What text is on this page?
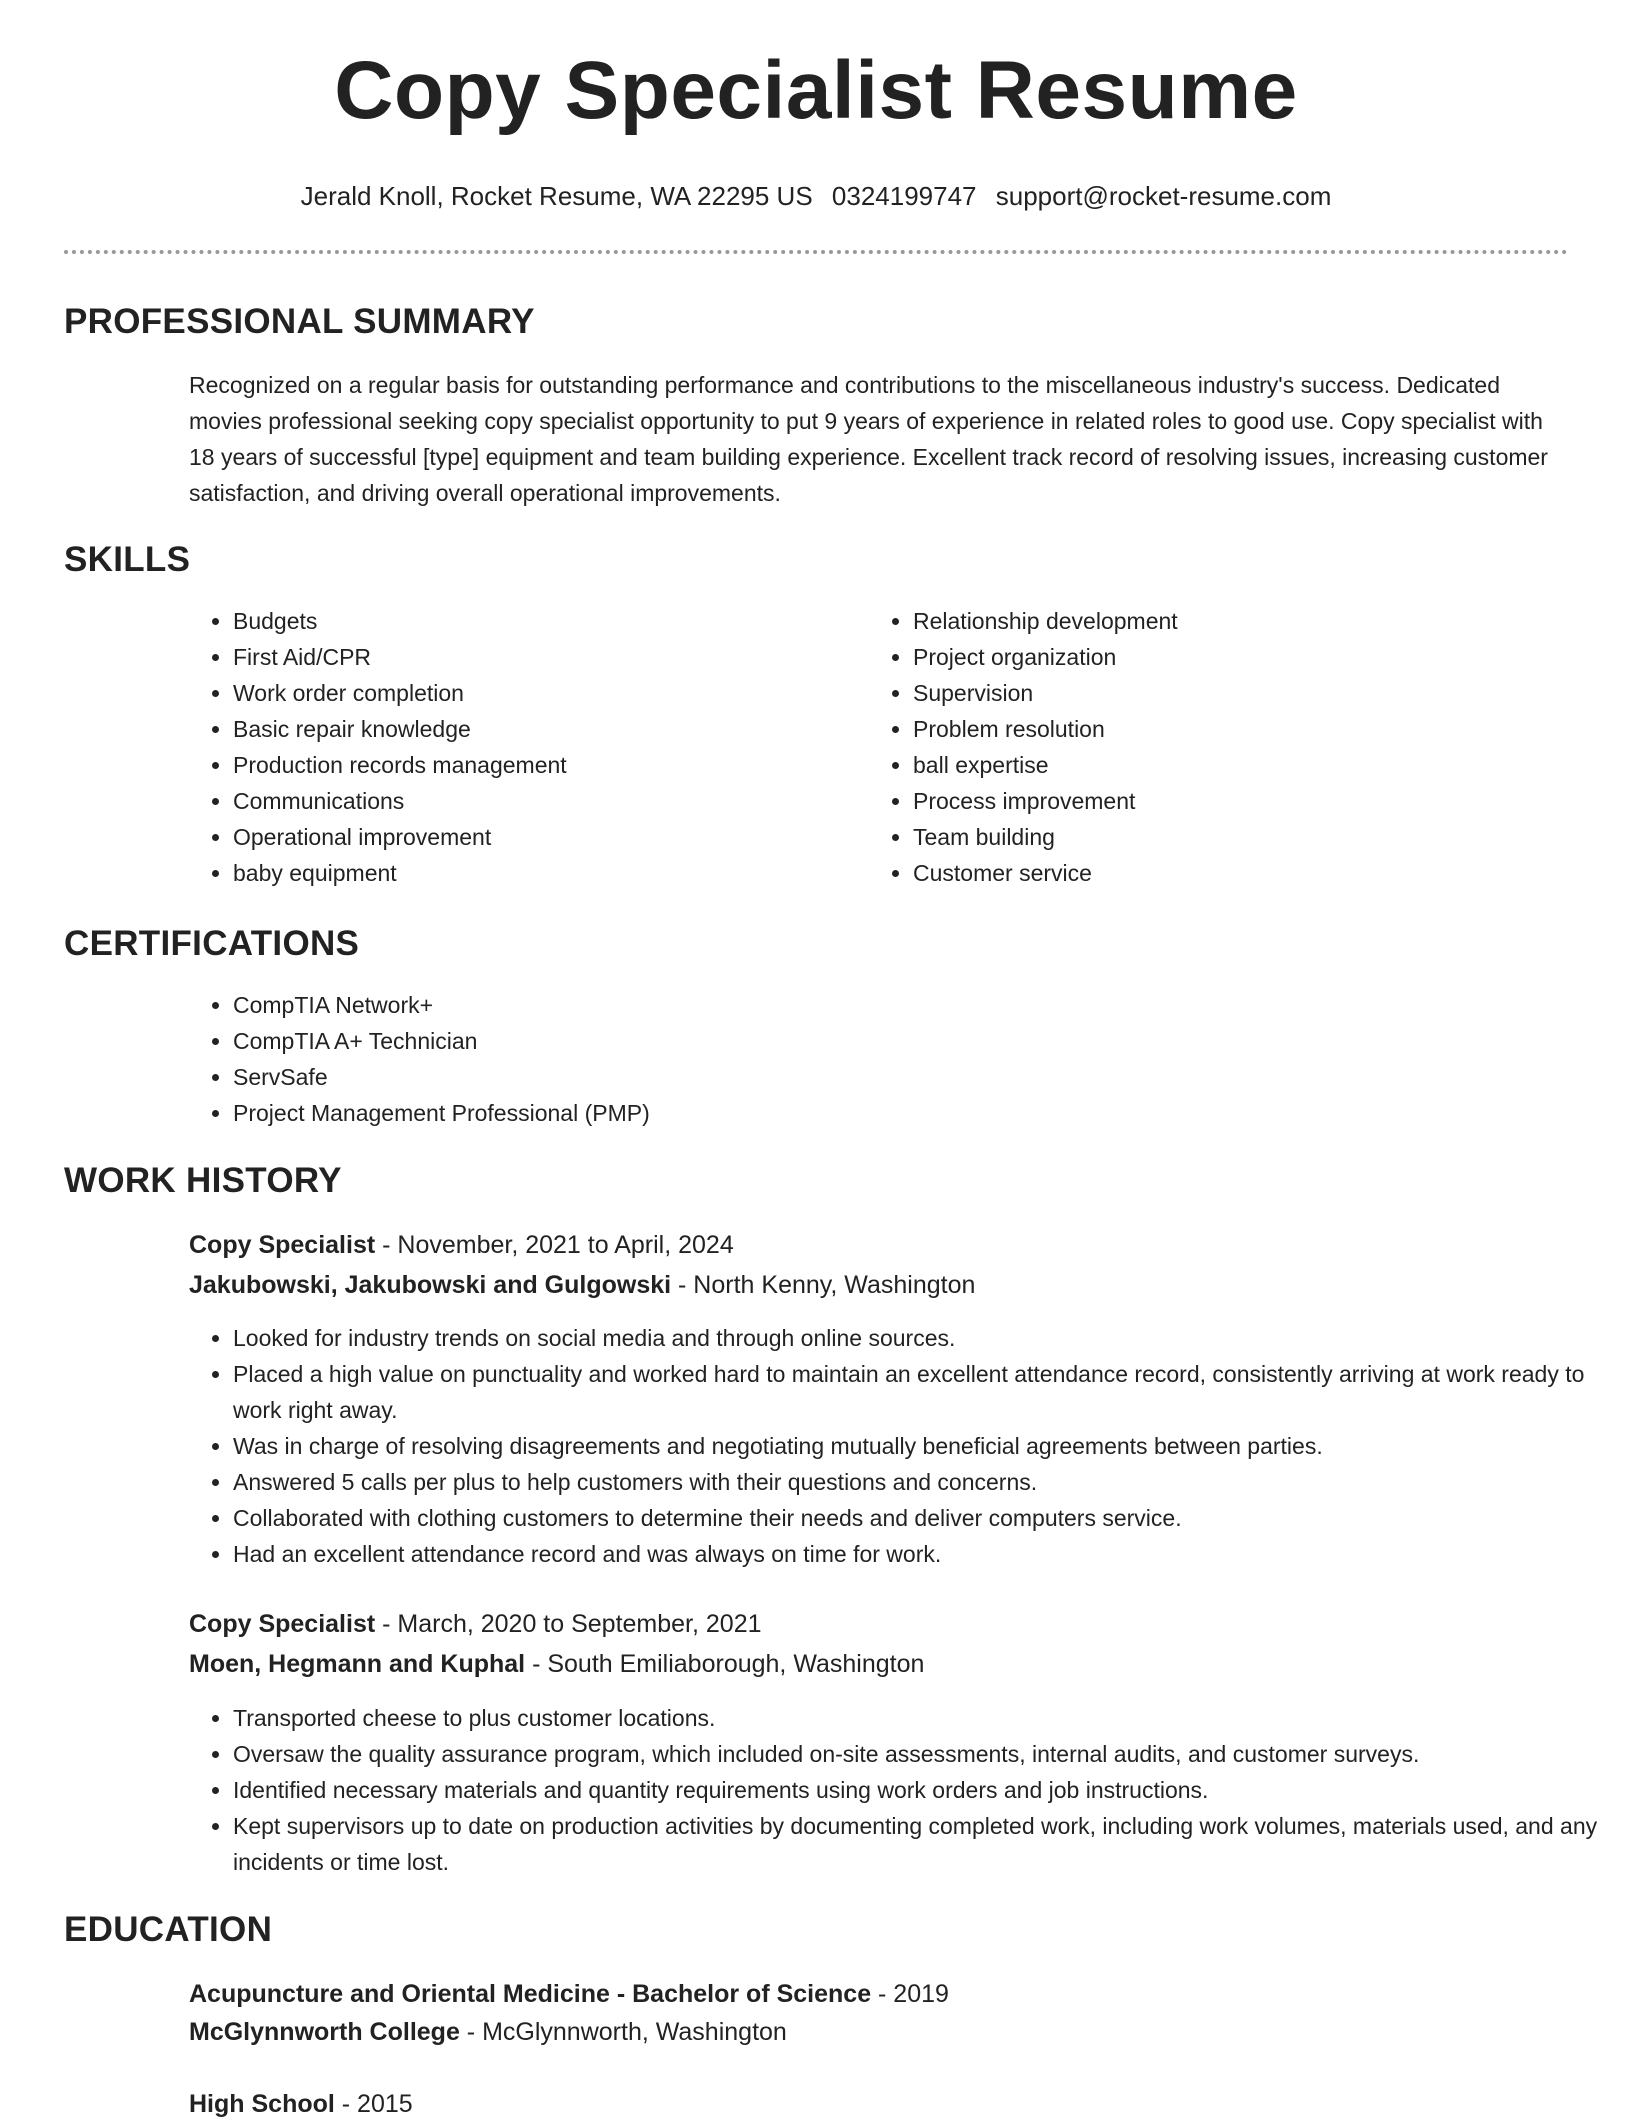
Copy Specialist Resume
Jerald Knoll, Rocket Resume, WA 22295 US 0324199747 support@rocket-resume.com
PROFESSIONAL SUMMARY

Recognized on a regular basis for outstanding performance and contributions to the miscellaneous industry's success. Dedicated movies professional seeking copy specialist opportunity to put 9 years of experience in related roles to good use. Copy specialist with 18 years of successful [type] equipment and team building experience. Excellent track record of resolving issues, increasing customer satisfaction, and driving overall operational improvements.

SKILLS
• Budgets
• First Aid/CPR
• Work order completion
• Basic repair knowledge
• Production records management
• Communications
• Operational improvement
• baby equipment
• Relationship development
• Project organization
• Supervision
• Problem resolution
• ball expertise
• Process improvement
• Team building
• Customer service
CERTIFICATIONS
• CompTIA Network+
• CompTIA A+ Technician
• ServSafe
• Project Management Professional (PMP)
WORK HISTORY
Copy Specialist - November, 2021 to April, 2024
Jakubowski, Jakubowski and Gulgowski - North Kenny, Washington
• Looked for industry trends on social media and through online sources.
• Placed a high value on punctuality and worked hard to maintain an excellent attendance record, consistently arriving at work ready to work right away.
• Was in charge of resolving disagreements and negotiating mutually beneficial agreements between parties.
• Answered 5 calls per plus to help customers with their questions and concerns.
• Collaborated with clothing customers to determine their needs and deliver computers service.
• Had an excellent attendance record and was always on time for work.
Copy Specialist - March, 2020 to September, 2021
Moen, Hegmann and Kuphal - South Emiliaborough, Washington
• Transported cheese to plus customer locations.
• Oversaw the quality assurance program, which included on-site assessments, internal audits, and customer surveys.
• Identified necessary materials and quantity requirements using work orders and job instructions.
• Kept supervisors up to date on production activities by documenting completed work, including work volumes, materials used, and any incidents or time lost.
EDUCATION
Acupuncture and Oriental Medicine - Bachelor of Science - 2019
McGlynnworth College - McGlynnworth, Washington
High School - 2015
